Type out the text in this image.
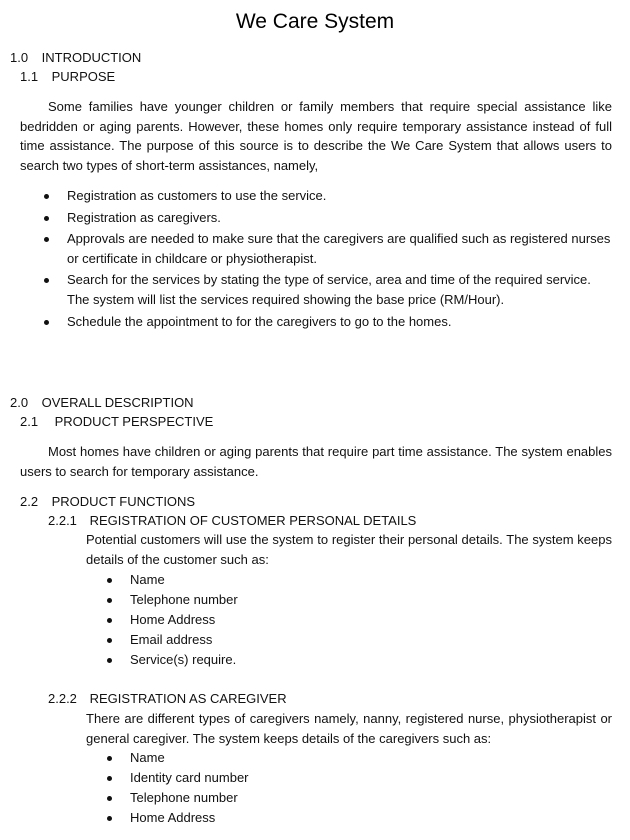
We Care System
1.0 INTRODUCTION
1.1 PURPOSE
Some families have younger children or family members that require special assistance like bedridden or aging parents. However, these homes only require temporary assistance instead of full time assistance. The purpose of this source is to describe the We Care System that allows users to search two types of short-term assistances, namely,
Registration as customers to use the service.
Registration as caregivers.
Approvals are needed to make sure that the caregivers are qualified such as registered nurses or certificate in childcare or physiotherapist.
Search for the services by stating the type of service, area and time of the required service. The system will list the services required showing the base price (RM/Hour).
Schedule the appointment to for the caregivers to go to the homes.
2.0 OVERALL DESCRIPTION
2.1 PRODUCT PERSPECTIVE
Most homes have children or aging parents that require part time assistance. The system enables users to search for temporary assistance.
2.2 PRODUCT FUNCTIONS
2.2.1 REGISTRATION OF CUSTOMER PERSONAL DETAILS
Potential customers will use the system to register their personal details. The system keeps details of the customer such as:
Name
Telephone number
Home Address
Email address
Service(s) require.
2.2.2 REGISTRATION AS CAREGIVER
There are different types of caregivers namely, nanny, registered nurse, physiotherapist or general caregiver. The system keeps details of the caregivers such as:
Name
Identity card number
Telephone number
Home Address
